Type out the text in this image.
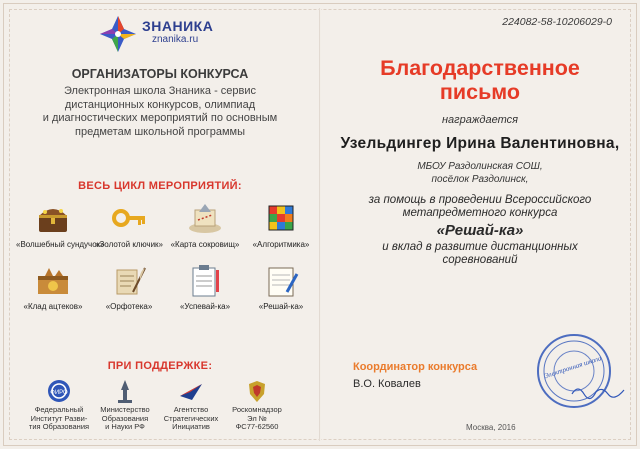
ЗНАНИКА
znanika.ru
ОРГАНИЗАТОРЫ КОНКУРСА
Электронная школа Знаника - сервис
дистанционных конкурсов, олимпиад
и диагностических мероприятий по основным
предметам школьной программы
ВЕСЬ ЦИКЛ МЕРОПРИЯТИЙ:
«Волшебный сундучок»
«Золотой ключик» «Карта сокровищ»	«Алгоритмика»
«Клад ацтеков»	«Орфотека»	«Успевай-ка»	«Решай-ка»
ПРИ ПОДДЕРЖКЕ:
ФИРО
Федеральный
Институт Разви-
тия Образования
Министерство
Образования
и Науки РФ
Агентство
Стратегических
Инициатив
Роскомнадзор
Эл №
ФС77-62560
224082-58-10206029-0
Благодарственное
письмо
награждается
Узельдингер Ирина Валентиновна,
МБОУ Раздолинская СОШ,
посёлок Раздолинск,
за помощь в проведении Всероссийского
метапредметного конкурса
«Решай-ка»
и вклад в развитие дистанционных
соревнований
Координатор конкурса
В.О. Ковалев
Электронная школа
Москва, 2016
